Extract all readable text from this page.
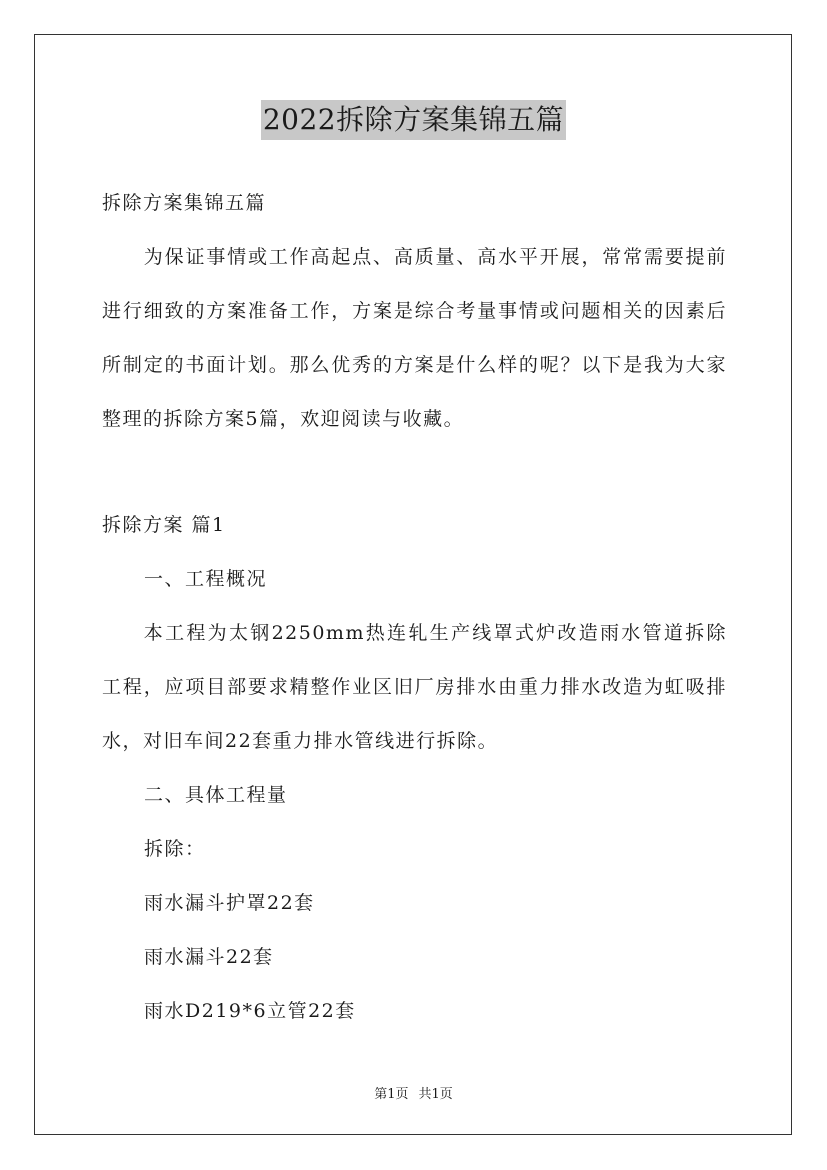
2022拆除方案集锦五篇
拆除方案集锦五篇
为保证事情或工作高起点、高质量、高水平开展，常常需要提前进行细致的方案准备工作，方案是综合考量事情或问题相关的因素后所制定的书面计划。那么优秀的方案是什么样的呢？以下是我为大家整理的拆除方案5篇，欢迎阅读与收藏。
拆除方案 篇1
一、工程概况
本工程为太钢2250mm热连轧生产线罩式炉改造雨水管道拆除工程，应项目部要求精整作业区旧厂房排水由重力排水改造为虹吸排水，对旧车间22套重力排水管线进行拆除。
二、具体工程量
拆除：
雨水漏斗护罩22套
雨水漏斗22套
雨水D219*6立管22套
第1页 共1页
